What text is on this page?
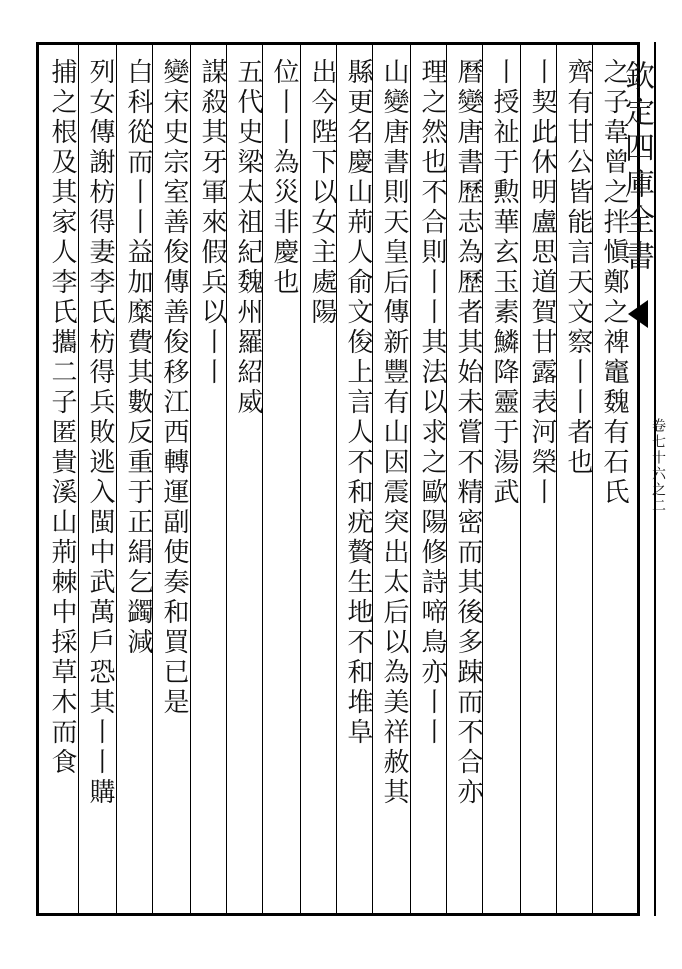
欽定四庫全書
卷七十六之二
之子韋曾之拌愼鄭之禆竈魏有石氏
齊有甘公皆能言天文察丨丨者也
丨契此休明盧思道賀甘露表河榮丨
丨授祉于勲華玄玉素鱗降靈于湯武
曆變唐書歷志為歷者其始未嘗不精密而其後多踈而不合亦
理之然也不合則丨丨其法以求之歐陽修詩啼鳥亦丨丨
山變唐書則天皇后傳新豐有山因震突出太后以為美祥赦其
縣更名慶山荊人俞文俊上言人不和疣贅生地不和堆阜
出今陛下以女主處陽
位丨丨為災非慶也
五代史梁太祖紀魏州羅紹威
謀殺其牙軍來假兵以丨丨
變宋史宗室善俊傳善俊移江西轉運副使奏和買已是
白科從而丨丨益加糜費其數反重于正絹乞蠲減
列女傳謝枋得妻李氏枋得兵敗逃入閩中武萬戶恐其丨丨購
捕之根及其家人李氏攜二子匿貴溪山荊棘中採草木而食
